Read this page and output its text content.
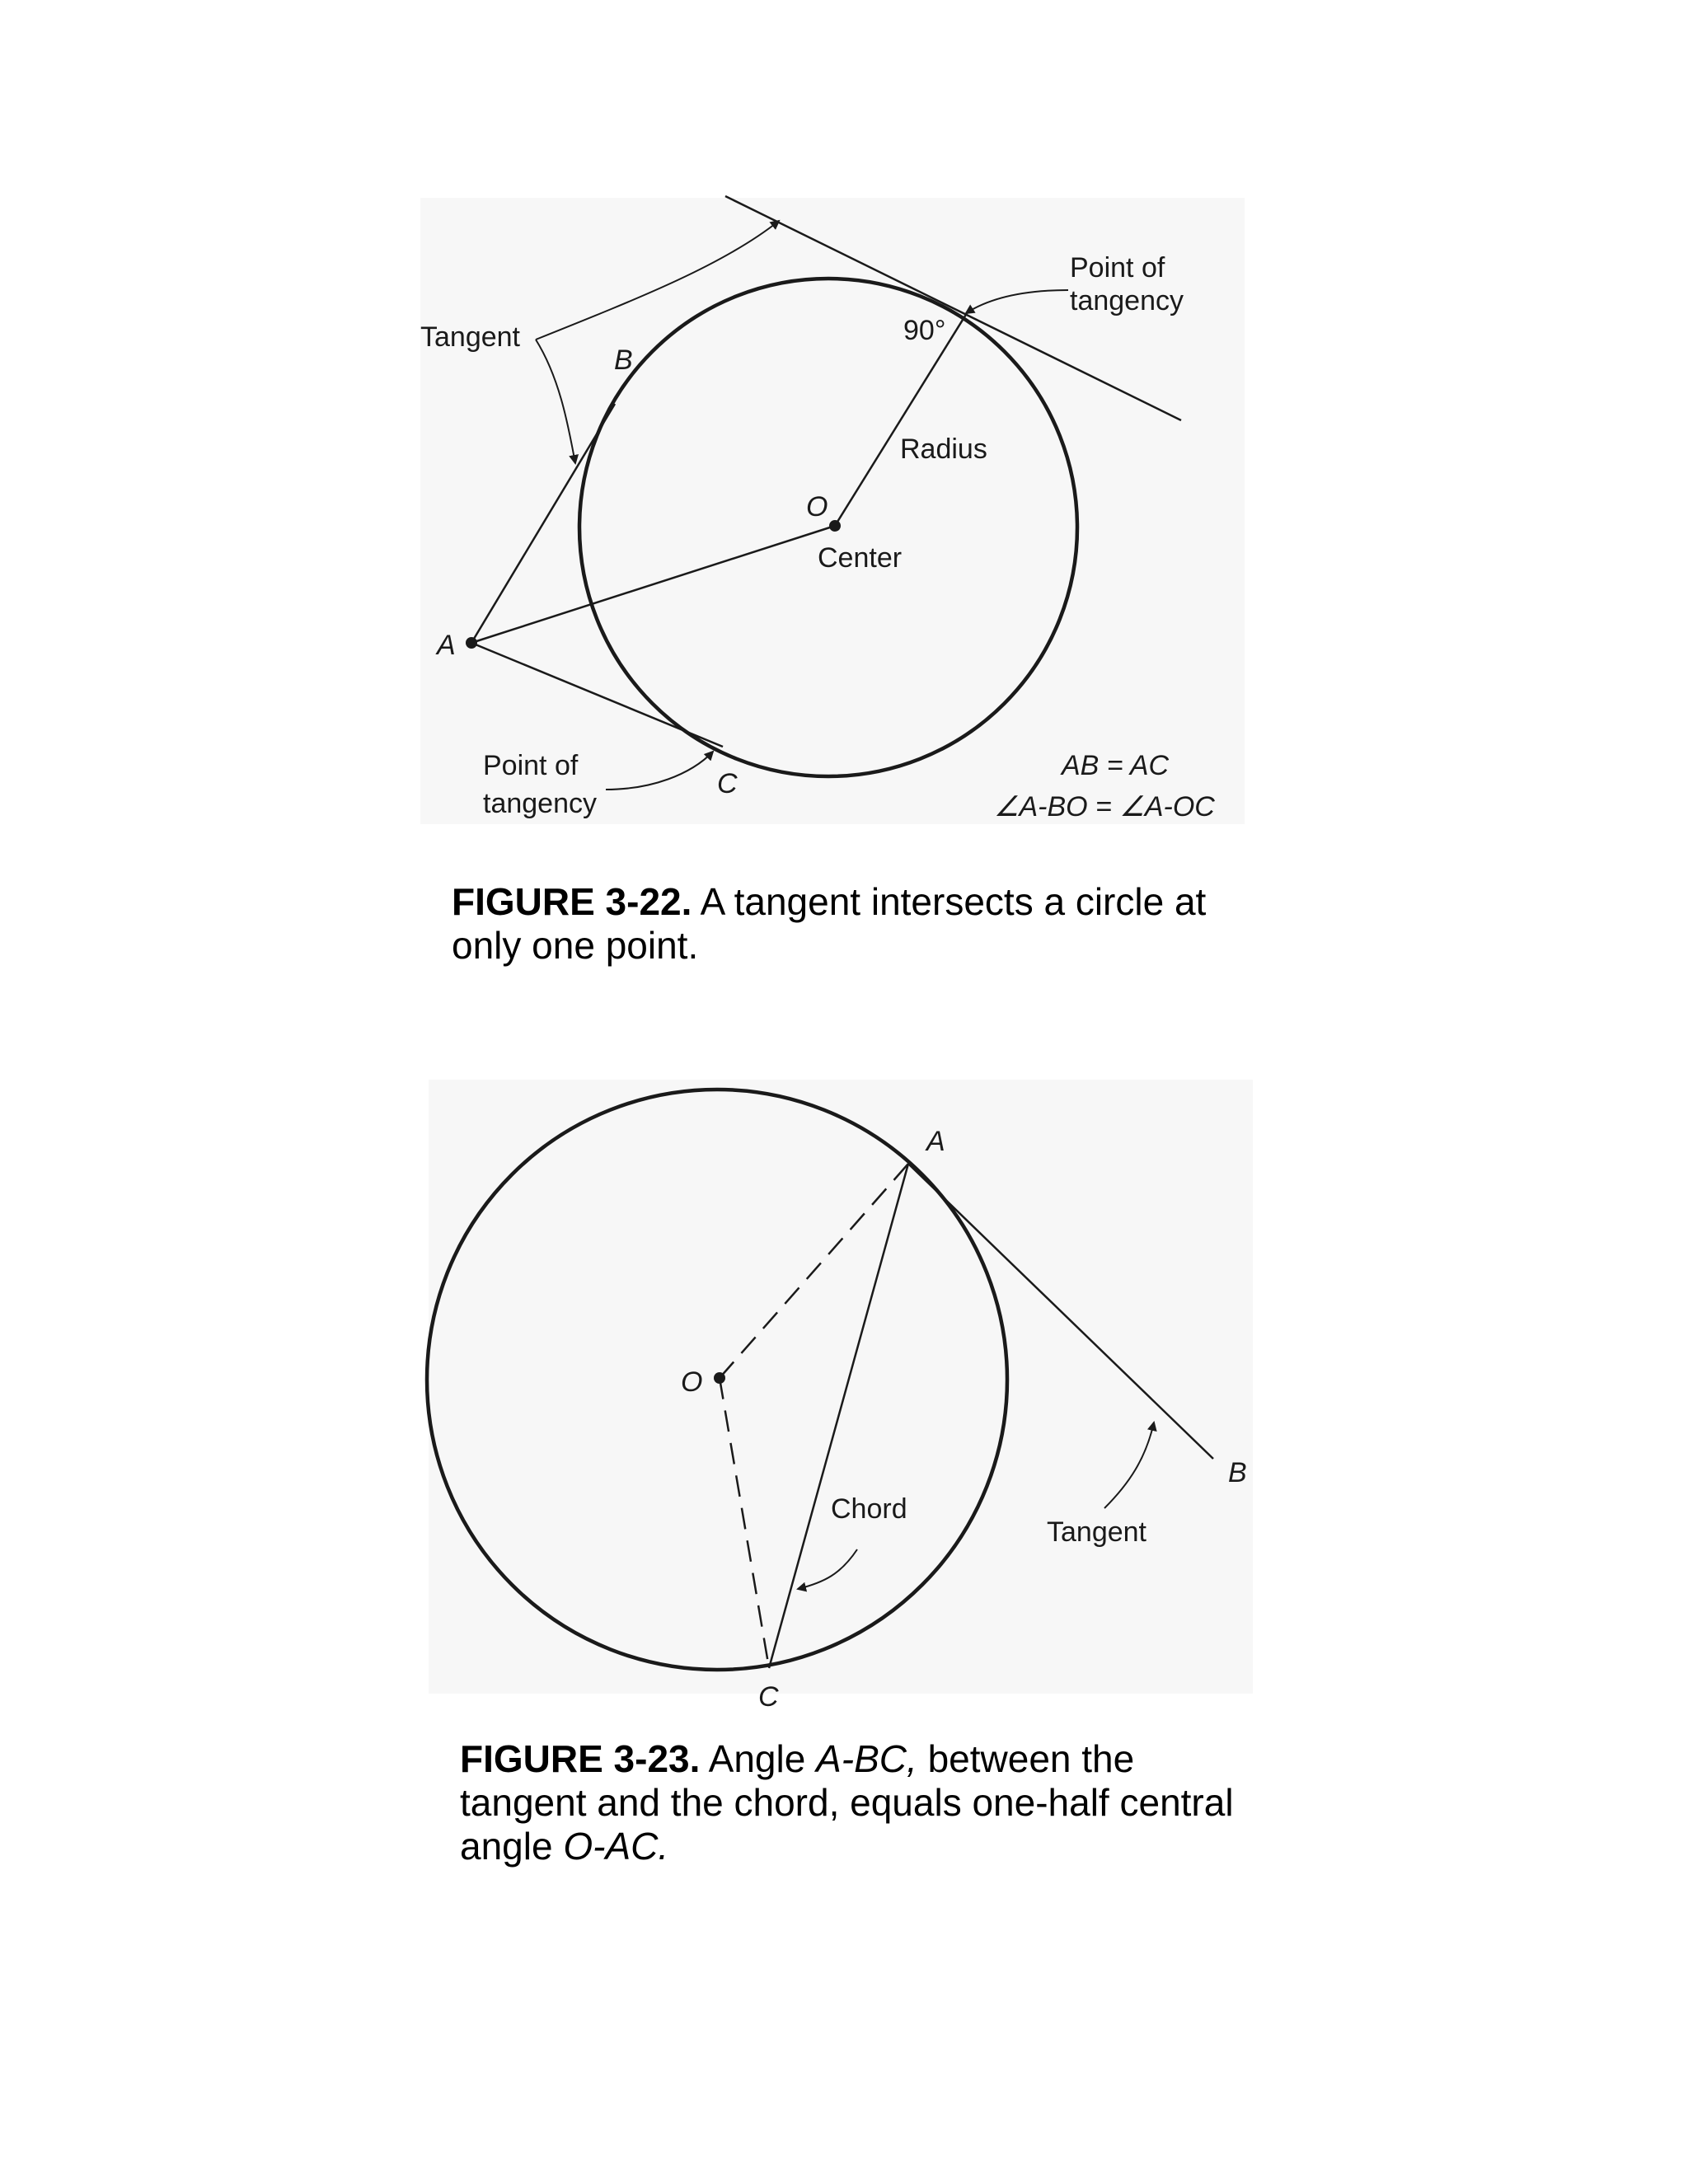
Tangent
Point of
tangency
90°
Radius
O
Center
A
B
C
Point of
tangency
AB = AC
∠A-BO = ∠A-OC
A
O
B
C
Chord
Tangent
FIGURE 3-22. A tangent intersects a circle at only one point.
FIGURE 3-23. Angle A-BC, between the tangent and the chord, equals one-half central angle O-AC.
